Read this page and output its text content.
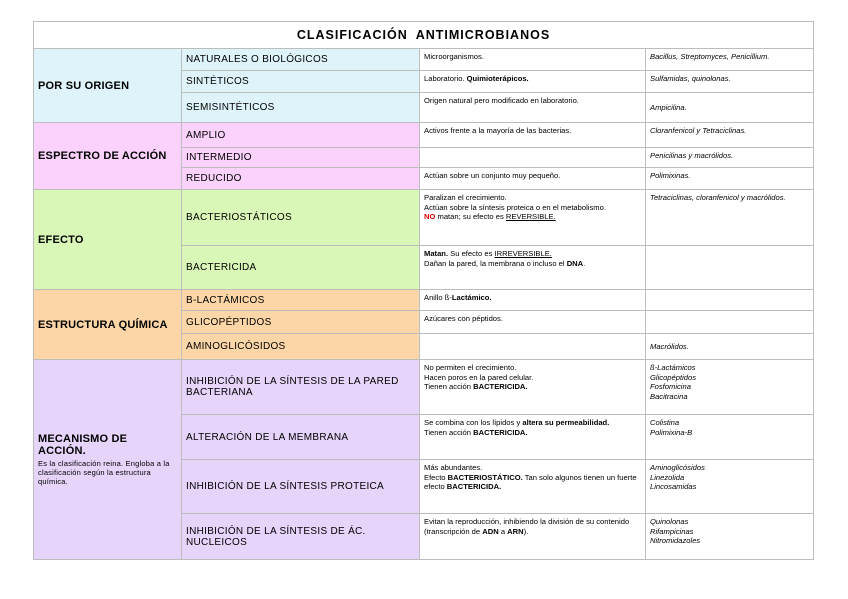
CLASIFICACIÓN ANTIMICROBIANOS			
POR SU ORIGEN	NATURALES O BIOLÓGICOS	Microorganismos.	Bacillus, Streptomyces, Penicillium.
	SINTÉTICOS	Laboratorio. Quimioterápicos.	Sulfamidas, quinolonas.
	SEMISINTÉTICOS	Origen natural pero modificado en laboratorio.	Ampicilina.
ESPECTRO DE ACCIÓN	AMPLIO	Activos frente a la mayoría de las bacterias.	Cloranfenicol y Tetraciclinas.
	INTERMEDIO		Penicilinas y macrólidos.
	REDUCIDO	Actúan sobre un conjunto muy pequeño.	Polimixinas.
EFECTO	BACTERIOSTÁTICOS	Paralizan el crecimiento.
Actúan sobre la síntesis proteica o en el metabolismo.
NO matan; su efecto es REVERSIBLE.	Tetraciclinas, cloranfenicol y macrólidos.
	BACTERICIDA	Matan. Su efecto es IRREVERSIBLE.
Dañan la pared, la membrana o incluso el DNA.	

ESTRUCTURA QUÍMICA	B-LACTÁMICOS	Anillo ß-Lactámico.	
	GLICOPÉPTIDOS	Azúcares con péptidos.	
	AMINOGLICÓSIDOS		Macrólidos.
MECANISMO DE ACCIÓN.
Es la clasificación reina. Engloba a la clasificación según la estructura química.	INHIBICIÓN DE LA SÍNTESIS DE LA PARED BACTERIANA	No permiten el crecimiento.
Hacen poros en la pared celular.
Tienen acción BACTERICIDA.	ß-Lactámicos
Glicopéptidos
Fosfomicina
Bacitracina

	ALTERACIÓN DE LA MEMBRANA	Se combina con los lípidos y altera su permeabilidad.
Tienen acción BACTERICIDA.	Colistina
Polimixina-B

	INHIBICIÓN DE LA SÍNTESIS PROTEICA	Más abundantes.
Efecto BACTERIOSTÁTICO. Tan solo algunos tienen un fuerte efecto BACTERICIDA.	Aminoglicósidos
Linezolida
Lincosamidas

	INHIBICIÓN DE LA SÍNTESIS DE ÁC. NUCLEICOS	Evitan la reproducción, inhibiendo la división de su contenido (transcripción de ADN a ARN).	Quinolonas
Rifampicinas
Nitromidazoles
